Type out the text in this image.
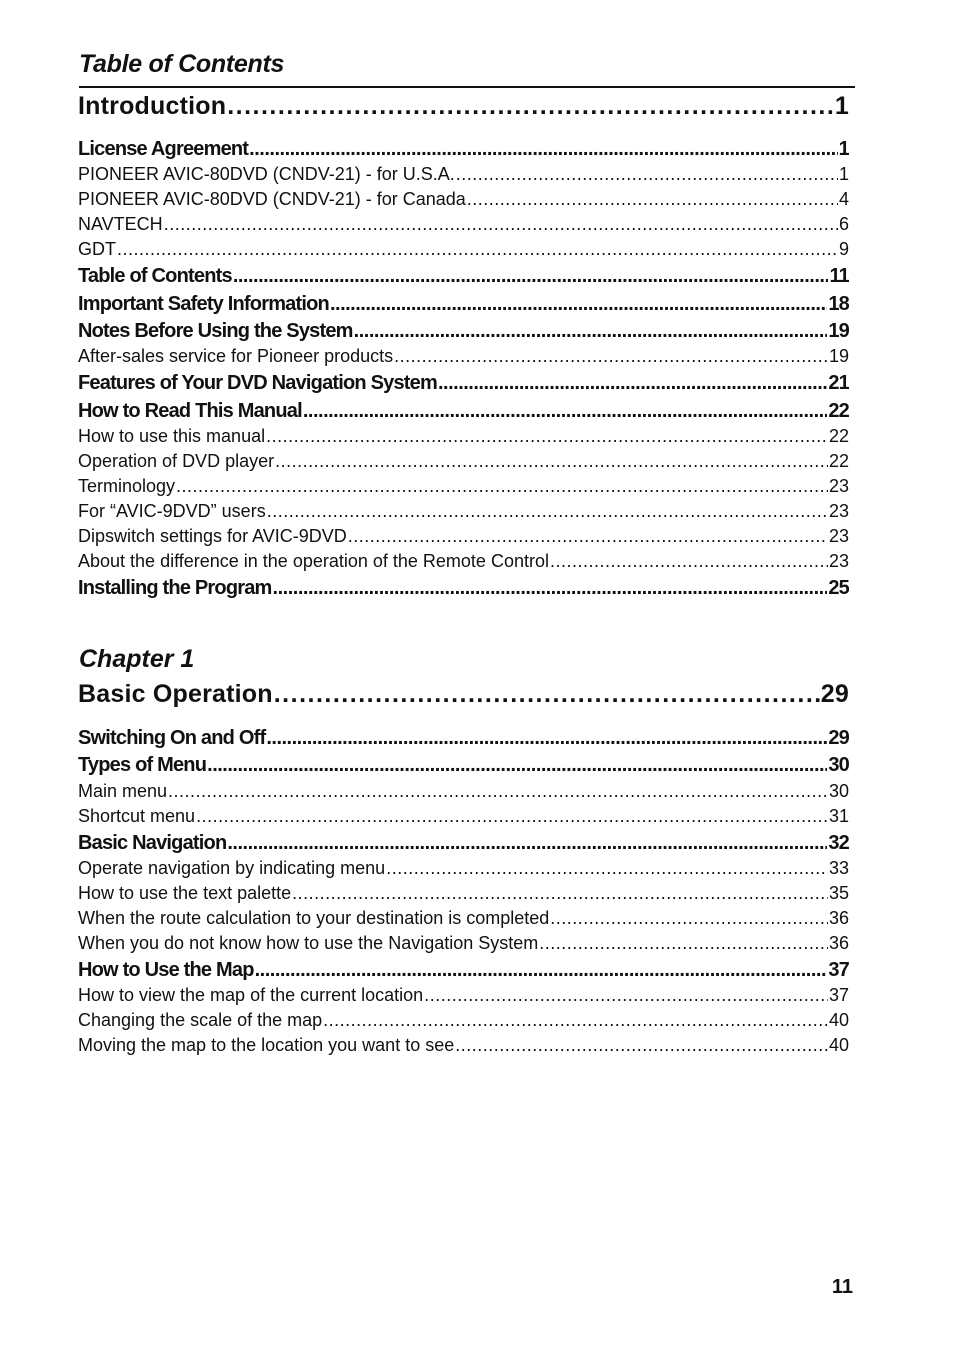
Table of Contents
Introduction .....	1
License Agreement .....	1
PIONEER AVIC-80DVD (CNDV-21) - for U.S.A. .....	1
PIONEER AVIC-80DVD (CNDV-21) - for Canada .....	4
NAVTECH .....	6
GDT .....	9
Table of Contents .....	11
Important Safety Information .....	18
Notes Before Using the System .....	19
After-sales service for Pioneer products .....	19
Features of Your DVD Navigation System .....	21
How to Read This Manual .....	22
How to use this manual .....	22
Operation of DVD player .....	22
Terminology .....	23
For “AVIC-9DVD” users .....	23
Dipswitch settings for AVIC-9DVD .....	23
About the difference in the operation of the Remote Control .....	23
Installing the Program .....	25
Chapter 1
Basic Operation .....	29
Switching On and Off .....	29
Types of Menu .....	30
Main menu .....	30
Shortcut menu .....	31
Basic Navigation .....	32
Operate navigation by indicating menu .....	33
How to use the text palette .....	35
When the route calculation to your destination is completed .....	36
When you do not know how to use the Navigation System .....	36
How to Use the Map .....	37
How to view the map of the current location .....	37
Changing the scale of the map .....	40
Moving the map to the location you want to see .....	40
11
